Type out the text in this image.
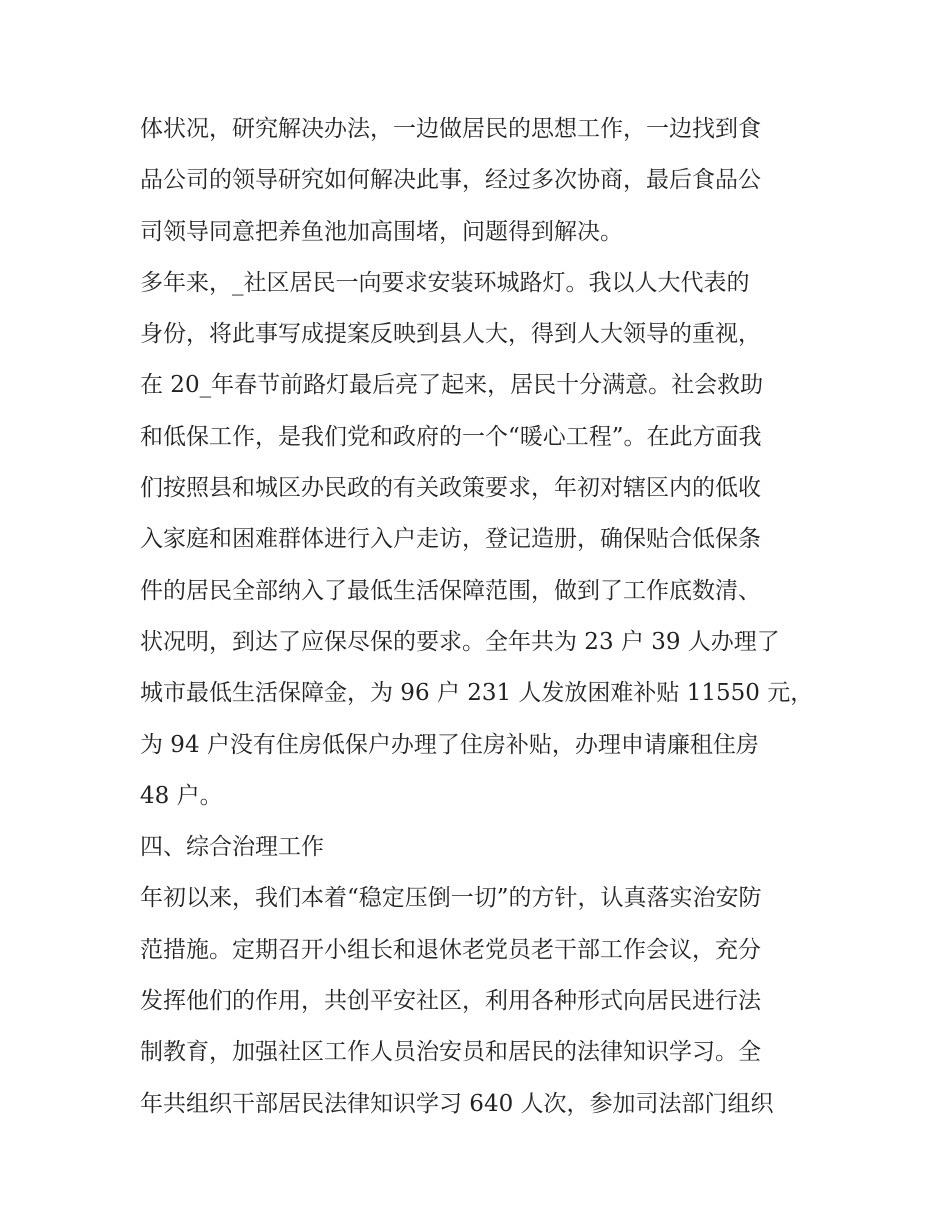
体状况，研究解决办法，一边做居民的思想工作，一边找到食
品公司的领导研究如何解决此事，经过多次协商，最后食品公
司领导同意把养鱼池加高围堵，问题得到解决。
多年来，_社区居民一向要求安装环城路灯。我以人大代表的
身份，将此事写成提案反映到县人大，得到人大领导的重视，
在 20_年春节前路灯最后亮了起来，居民十分满意。社会救助
和低保工作，是我们党和政府的一个“暖心工程”。在此方面我
们按照县和城区办民政的有关政策要求，年初对辖区内的低收
入家庭和困难群体进行入户走访，登记造册，确保贴合低保条
件的居民全部纳入了最低生活保障范围，做到了工作底数清、
状况明，到达了应保尽保的要求。全年共为 23 户 39 人办理了
城市最低生活保障金，为 96 户 231 人发放困难补贴 11550 元，
为 94 户没有住房低保户办理了住房补贴，办理申请廉租住房
48 户。
四、综合治理工作
年初以来，我们本着“稳定压倒一切”的方针，认真落实治安防
范措施。定期召开小组长和退休老党员老干部工作会议，充分
发挥他们的作用，共创平安社区，利用各种形式向居民进行法
制教育，加强社区工作人员治安员和居民的法律知识学习。全
年共组织干部居民法律知识学习 640 人次，参加司法部门组织
